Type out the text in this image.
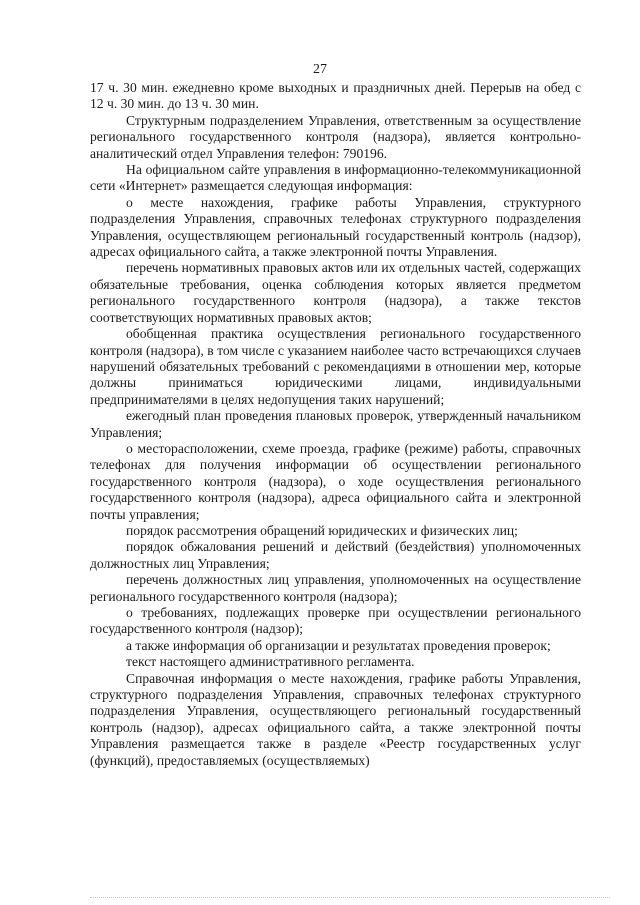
27

17 ч. 30 мин. ежедневно кроме выходных и праздничных дней. Перерыв на обед с 12 ч. 30 мин. до 13 ч. 30 мин.

Структурным подразделением Управления, ответственным за осуществление регионального государственного контроля (надзора), является контрольно-аналитический отдел Управления телефон: 790196.

На официальном сайте управления в информационно-телекоммуникационной сети «Интернет» размещается следующая информация:

о месте нахождения, графике работы Управления, структурного подразделения Управления, справочных телефонах структурного подразделения Управления, осуществляющем региональный государственный контроль (надзор), адресах официального сайта, а также электронной почты Управления.

перечень нормативных правовых актов или их отдельных частей, содержащих обязательные требования, оценка соблюдения которых является предметом регионального государственного контроля (надзора), а также текстов соответствующих нормативных правовых актов;

обобщенная практика осуществления регионального государственного контроля (надзора), в том числе с указанием наиболее часто встречающихся случаев нарушений обязательных требований с рекомендациями в отношении мер, которые должны приниматься юридическими лицами, индивидуальными предпринимателями в целях недопущения таких нарушений;

ежегодный план проведения плановых проверок, утвержденный начальником Управления;

о месторасположении, схеме проезда, графике (режиме) работы, справочных телефонах для получения информации об осуществлении регионального государственного контроля (надзора), о ходе осуществления регионального государственного контроля (надзора), адреса официального сайта и электронной почты управления;

порядок рассмотрения обращений юридических и физических лиц;

порядок обжалования решений и действий (бездействия) уполномоченных должностных лиц Управления;

перечень должностных лиц управления, уполномоченных на осуществление регионального государственного контроля (надзора);

о требованиях, подлежащих проверке при осуществлении регионального государственного контроля (надзор);

а также информация об организации и результатах проведения проверок;

текст настоящего административного регламента.

Справочная информация о месте нахождения, графике работы Управления, структурного подразделения Управления, справочных телефонах структурного подразделения Управления, осуществляющего региональный государственный контроль (надзор), адресах официального сайта, а также электронной почты Управления размещается также в разделе «Реестр государственных услуг (функций), предоставляемых (осуществляемых)
